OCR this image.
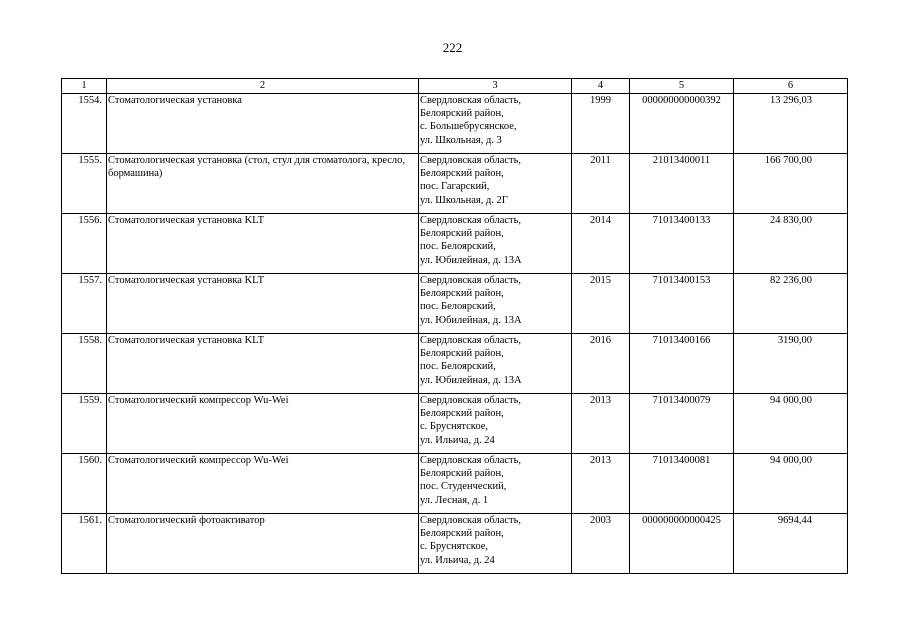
222
1	2	3	4	5	6
1554.	Стоматологическая установка	Свердловская область,
Белоярский район,
с. Большебрусянское,
ул. Школьная, д. 3	1999	000000000000392	13 296,03
1555.	Стоматологическая установка (стол, стул для стоматолога, кресло, бормашина)	Свердловская область,
Белоярский район,
пос. Гагарский,
ул. Школьная, д. 2Г	2011	21013400011	166 700,00
1556.	Стоматологическая установка KLT	Свердловская область,
Белоярский район,
пос. Белоярский,
ул. Юбилейная, д. 13А	2014	71013400133	24 830,00
1557.	Стоматологическая установка KLT	Свердловская область,
Белоярский район,
пос. Белоярский,
ул. Юбилейная, д. 13А	2015	71013400153	82 236,00
1558.	Стоматологическая установка KLT	Свердловская область,
Белоярский район,
пос. Белоярский,
ул. Юбилейная, д. 13А	2016	71013400166	3190,00
1559.	Стоматологический компрессор Wu-Wei	Свердловская область,
Белоярский район,
с. Бруснятское,
ул. Ильича, д. 24	2013	71013400079	94 000,00
1560.	Стоматологический компрессор Wu-Wei	Свердловская область,
Белоярский район,
пос. Студенческий,
ул. Лесная, д. 1	2013	71013400081	94 000,00
1561.	Стоматологический фотоактиватор	Свердловская область,
Белоярский район,
с. Бруснятское,
ул. Ильича, д. 24	2003	000000000000425	9694,44
